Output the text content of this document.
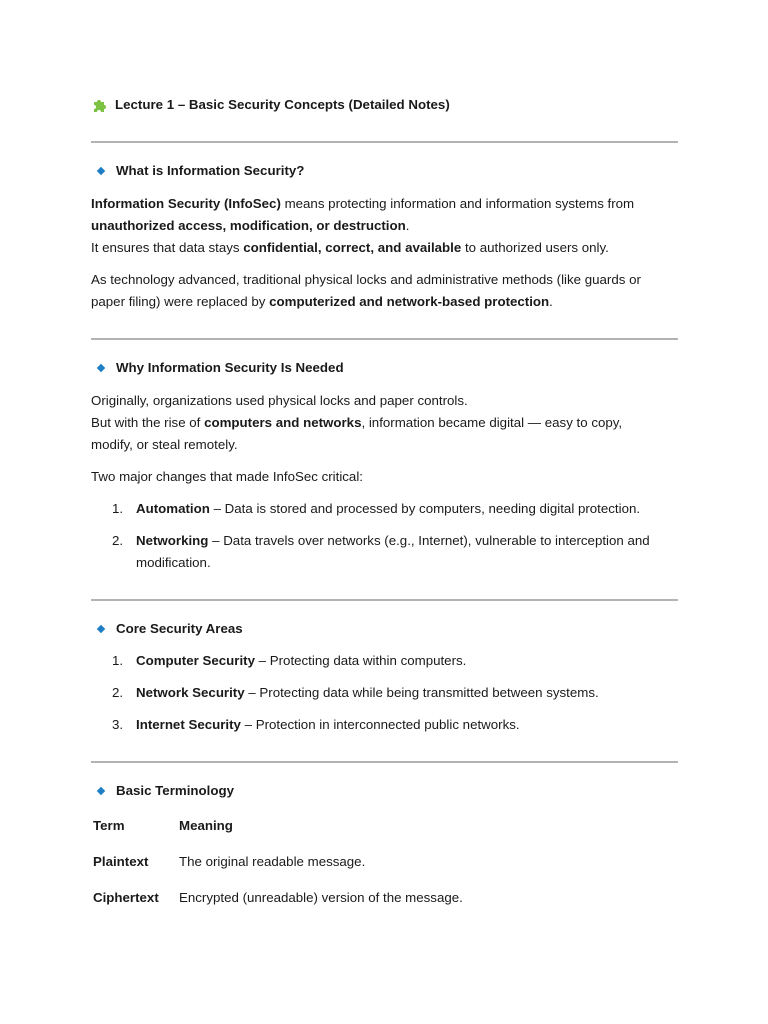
Lecture 1 – Basic Security Concepts (Detailed Notes)
What is Information Security?

Information Security (InfoSec) means protecting information and information systems from unauthorized access, modification, or destruction.
It ensures that data stays confidential, correct, and available to authorized users only.

As technology advanced, traditional physical locks and administrative methods (like guards or paper filing) were replaced by computerized and network-based protection.

Why Information Security Is Needed

Originally, organizations used physical locks and paper controls.
But with the rise of computers and networks, information became digital — easy to copy, modify, or steal remotely.

Two major changes that made InfoSec critical:

1. Automation – Data is stored and processed by computers, needing digital protection.
2. Networking – Data travels over networks (e.g., Internet), vulnerable to interception and modification.
Core Security Areas
1. Computer Security – Protecting data within computers.
2. Network Security – Protecting data while being transmitted between systems.
3. Internet Security – Protection in interconnected public networks.
Basic Terminology
Term	Meaning

Plaintext	The original readable message.

Ciphertext	Encrypted (unreadable) version of the message.
